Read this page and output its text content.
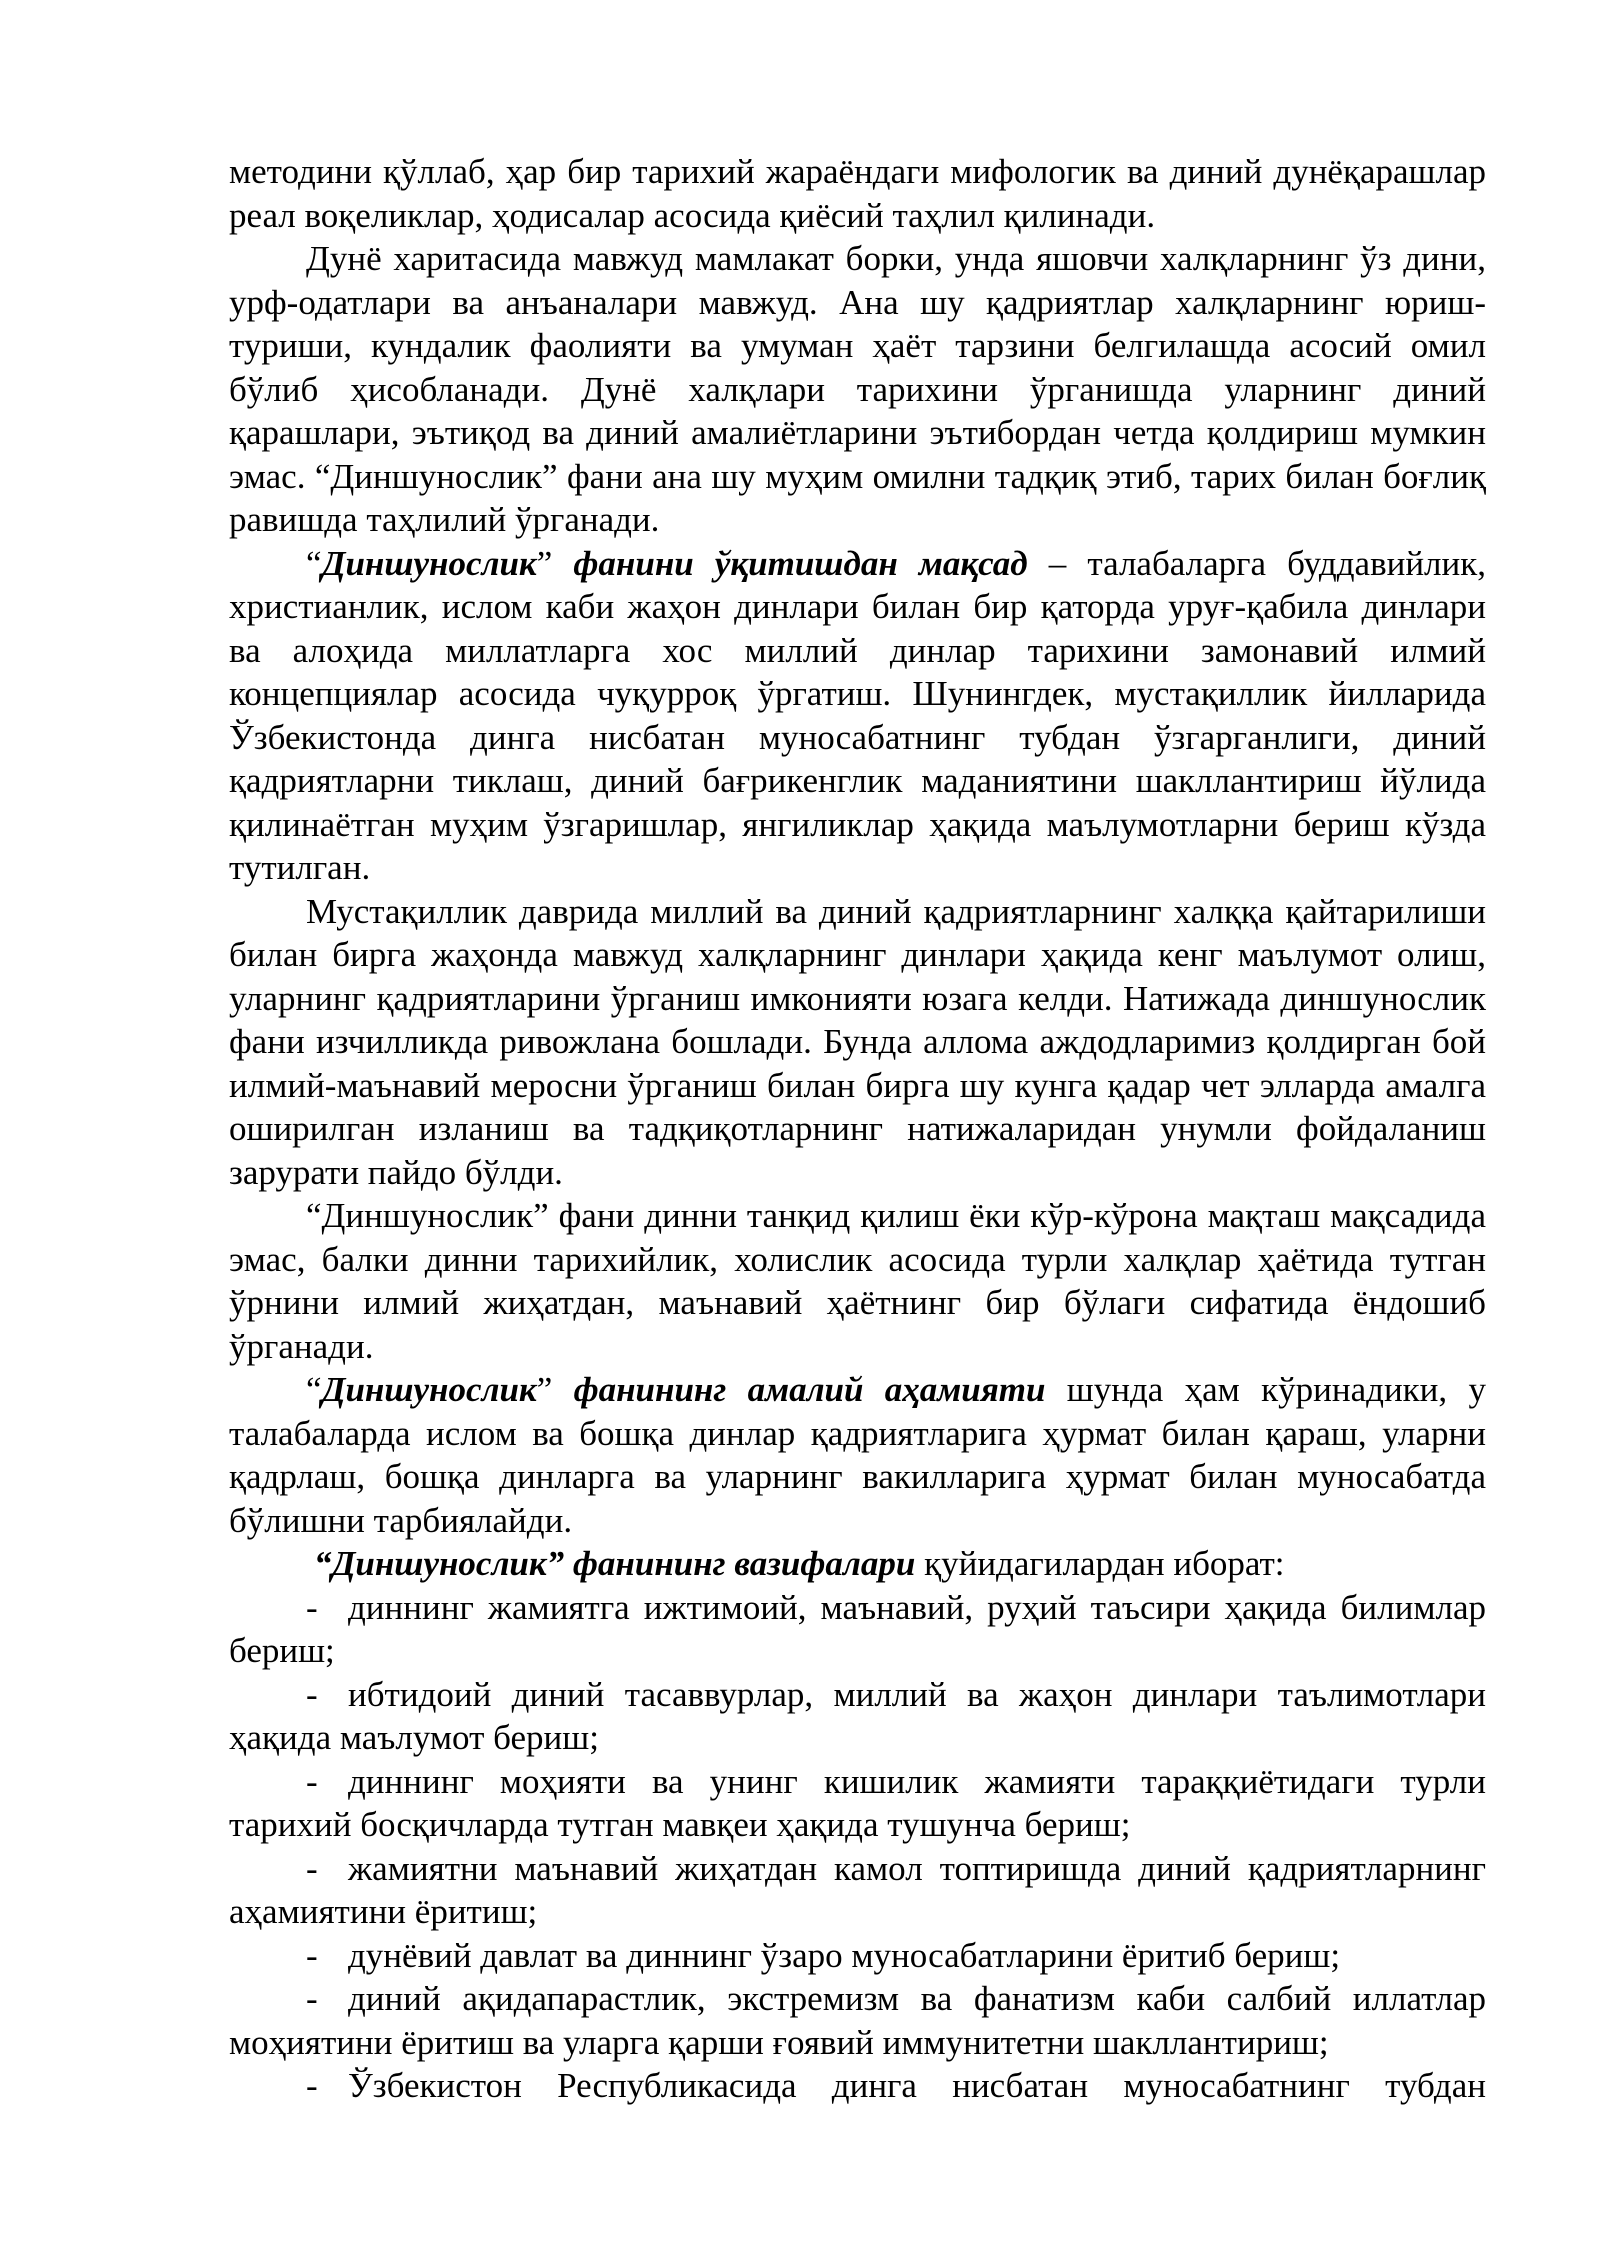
методини қўллаб, ҳар бир тарихий жараёндаги мифологик ва диний дунёқарашлар реал воқеликлар, ҳодисалар асосида қиёсий таҳлил қилинади.

Дунё харитасида мавжуд мамлакат борки, унда яшовчи халқларнинг ўз дини, урф-одатлари ва анъаналари мавжуд. Ана шу қадриятлар халқларнинг юриш-туриши, кундалик фаолияти ва умуман ҳаёт тарзини белгилашда асосий омил бўлиб ҳисобланади. Дунё халқлари тарихини ўрганишда уларнинг диний қарашлари, эътиқод ва диний амалиётларини эътибордан четда қолдириш мумкин эмас. “Диншунослик” фани ана шу муҳим омилни тадқиқ этиб, тарих билан боғлиқ равишда таҳлилий ўрганади.

“Диншунослик” фанини ўқитишдан мақсад – талабаларга буддавийлик, христианлик, ислом каби жаҳон динлари билан бир қаторда уруғ-қабила динлари ва алоҳида миллатларга хос миллий динлар тарихини замонавий илмий концепциялар асосида чуқурроқ ўргатиш. Шунингдек, мустақиллик йилларида Ўзбекистонда динга нисбатан муносабатнинг тубдан ўзгарганлиги, диний қадриятларни тиклаш, диний бағрикенглик маданиятини шакллантириш йўлида қилинаётган муҳим ўзгаришлар, янгиликлар ҳақида маълумотларни бериш кўзда тутилган.

Мустақиллик даврида миллий ва диний қадриятларнинг халққа қайтарилиши билан бирга жаҳонда мавжуд халқларнинг динлари ҳақида кенг маълумот олиш, уларнинг қадриятларини ўрганиш имконияти юзага келди. Натижада диншунослик фани изчилликда ривожлана бошлади. Бунда аллома аждодларимиз қолдирган бой илмий-маънавий меросни ўрганиш билан бирга шу кунга қадар чет элларда амалга оширилган изланиш ва тадқиқотларнинг натижаларидан унумли фойдаланиш зарурати пайдо бўлди.

“Диншунослик” фани динни танқид қилиш ёки кўр-кўрона мақташ мақсадида эмас, балки динни тарихийлик, холислик асосида турли халқлар ҳаётида тутган ўрнини илмий жиҳатдан, маънавий ҳаётнинг бир бўлаги сифатида ёндошиб ўрганади.

“Диншунослик” фанининг амалий аҳамияти шунда ҳам кўринадики, у талабаларда ислом ва бошқа динлар қадриятларига ҳурмат билан қараш, уларни қадрлаш, бошқа динларга ва уларнинг вакилларига ҳурмат билан муносабатда бўлишни тарбиялайди.

“Диншунослик” фанининг вазифалари қуйидагилардан иборат:

- диннинг жамиятга ижтимоий, маънавий, руҳий таъсири ҳақида билимлар бериш;

- ибтидоий диний тасаввурлар, миллий ва жаҳон динлари таълимотлари ҳақида маълумот бериш;

- диннинг моҳияти ва унинг кишилик жамияти тараққиётидаги турли тарихий босқичларда тутган мавқеи ҳақида тушунча бериш;

- жамиятни маънавий жиҳатдан камол топтиришда диний қадриятларнинг аҳамиятини ёритиш;

- дунёвий давлат ва диннинг ўзаро муносабатларини ёритиб бериш;

- диний ақидапарастлик, экстремизм ва фанатизм каби салбий иллатлар моҳиятини ёритиш ва уларга қарши ғоявий иммунитетни шакллантириш;

- Ўзбекистон Республикасида динга нисбатан муносабатнинг тубдан
